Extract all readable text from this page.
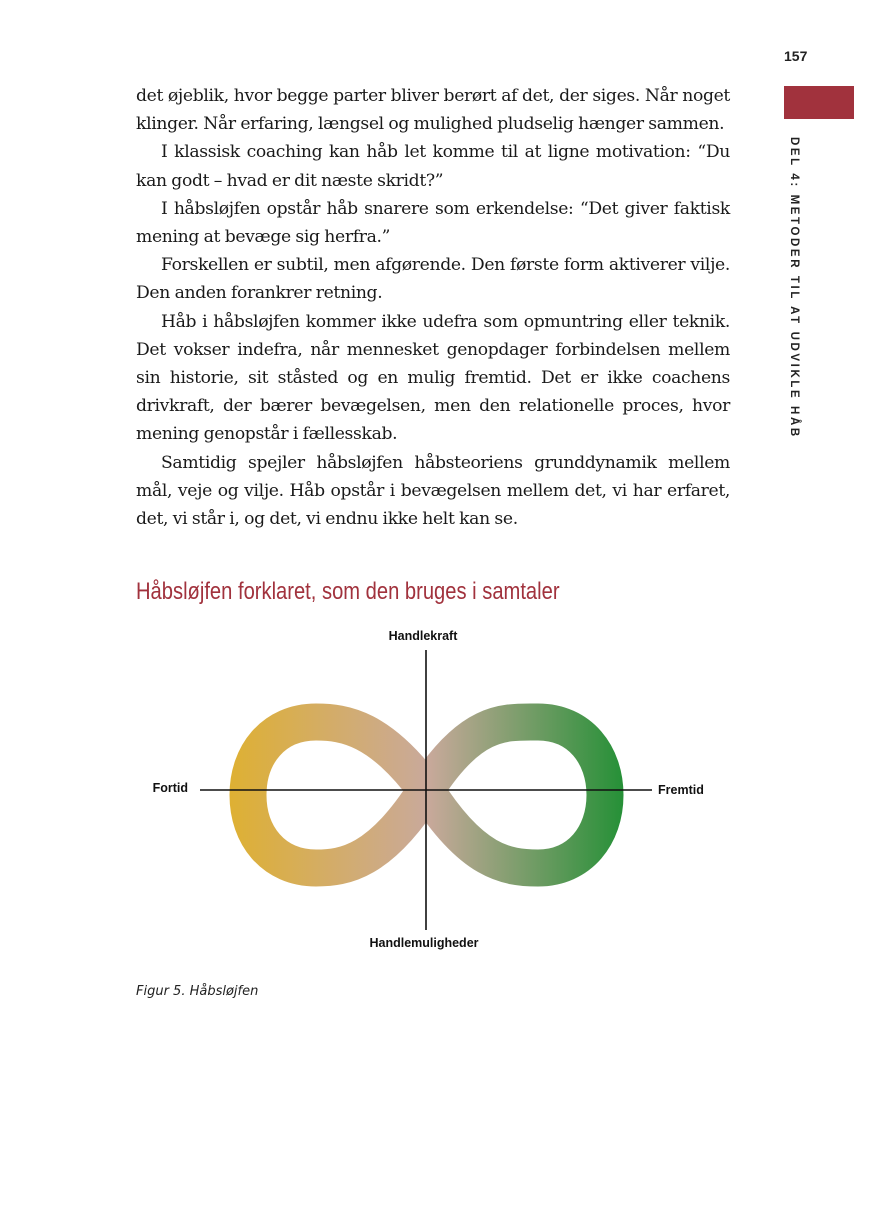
157
DEL 4: METODER TIL AT UDVIKLE HÅB

det øjeblik, hvor begge parter bliver berørt af det, der siges. Når noget klinger. Når erfaring, længsel og mulighed pludselig hænger sammen.

I klassisk coaching kan håb let komme til at ligne motivation: “Du kan godt – hvad er dit næste skridt?”

I håbsløjfen opstår håb snarere som erkendelse: “Det giver faktisk mening at bevæge sig herfra.”

Forskellen er subtil, men afgørende. Den første form aktiverer vilje. Den anden forankrer retning.

Håb i håbsløjfen kommer ikke udefra som opmuntring eller teknik. Det vokser indefra, når mennesket genopdager forbindelsen mellem sin historie, sit ståsted og en mulig fremtid. Det er ikke coachens drivkraft, der bærer bevægelsen, men den relationelle proces, hvor mening genopstår i fællesskab.

Samtidig spejler håbsløjfen håbsteoriens grunddynamik mellem mål, veje og vilje. Håb opstår i bevægelsen mellem det, vi har erfaret, det, vi står i, og det, vi endnu ikke helt kan se.

Håbsløjfen forklaret, som den bruges i samtaler
Handlekraft
Handlemuligheder
Fortid	Fremtid
Figur 5. Håbsløjfen
